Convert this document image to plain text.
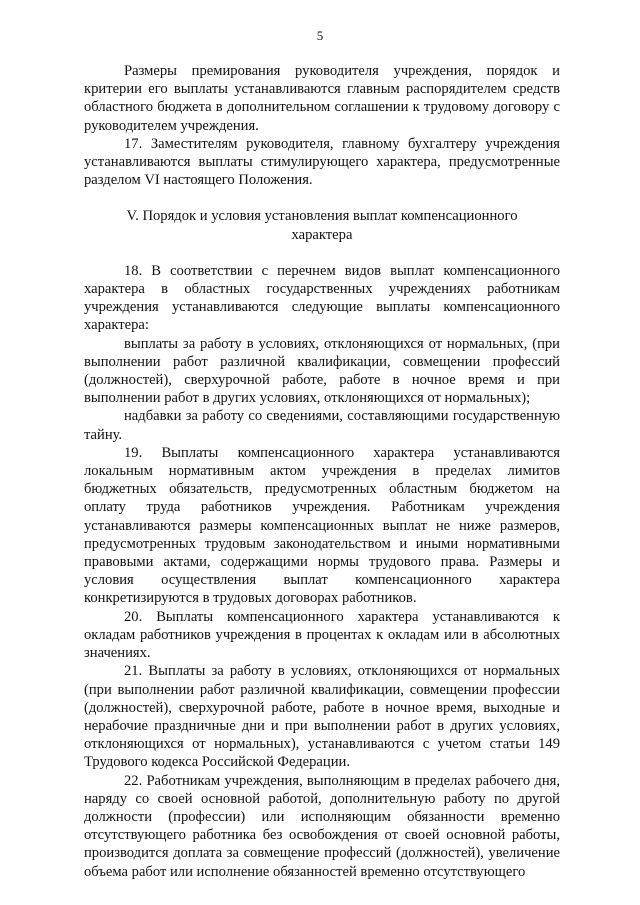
5

Размеры премирования руководителя учреждения, порядок и критерии его выплаты устанавливаются главным распорядителем средств областного бюджета в дополнительном соглашении к трудовому договору с руководителем учреждения.

17. Заместителям руководителя, главному бухгалтеру учреждения устанавливаются выплаты стимулирующего характера, предусмотренные разделом VI настоящего Положения.

V. Порядок и условия установления выплат компенсационного характера

18. В соответствии с перечнем видов выплат компенсационного характера в областных государственных учреждениях работникам учреждения устанавливаются следующие выплаты компенсационного характера:

выплаты за работу в условиях, отклоняющихся от нормальных, (при выполнении работ различной квалификации, совмещении профессий (должностей), сверхурочной работе, работе в ночное время и при выполнении работ в других условиях, отклоняющихся от нормальных);

надбавки за работу со сведениями, составляющими государственную тайну.

19. Выплаты компенсационного характера устанавливаются локальным нормативным актом учреждения в пределах лимитов бюджетных обязательств, предусмотренных областным бюджетом на оплату труда работников учреждения. Работникам учреждения устанавливаются размеры компенсационных выплат не ниже размеров, предусмотренных трудовым законодательством и иными нормативными правовыми актами, содержащими нормы трудового права. Размеры и условия осуществления выплат компенсационного характера конкретизируются в трудовых договорах работников.

20. Выплаты компенсационного характера устанавливаются к окладам работников учреждения в процентах к окладам или в абсолютных значениях.

21. Выплаты за работу в условиях, отклоняющихся от нормальных (при выполнении работ различной квалификации, совмещении профессии (должностей), сверхурочной работе, работе в ночное время, выходные и нерабочие праздничные дни и при выполнении работ в других условиях, отклоняющихся от нормальных), устанавливаются с учетом статьи 149 Трудового кодекса Российской Федерации.

22. Работникам учреждения, выполняющим в пределах рабочего дня, наряду со своей основной работой, дополнительную работу по другой должности (профессии) или исполняющим обязанности временно отсутствующего работника без освобождения от своей основной работы, производится доплата за совмещение профессий (должностей), увеличение объема работ или исполнение обязанностей временно отсутствующего
